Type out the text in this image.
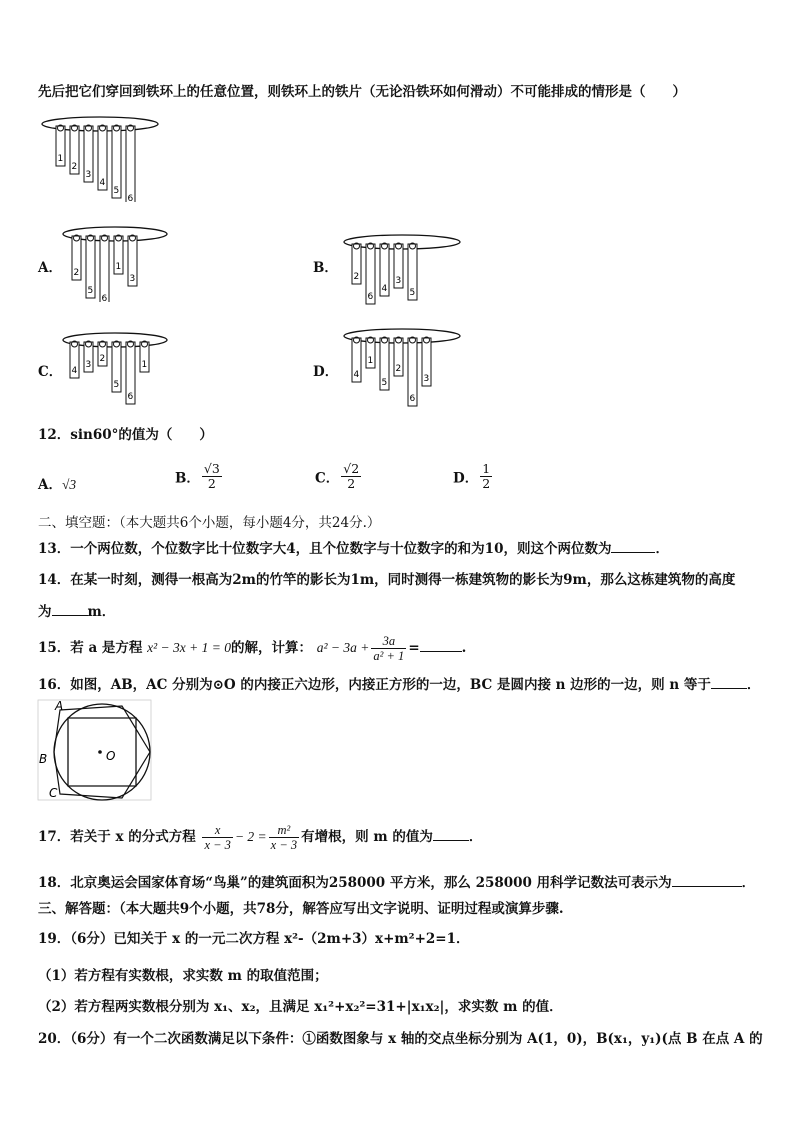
先后把它们穿回到铁环上的任意位置，则铁环上的铁片（无论沿铁环如何滑动）不可能排成的情形是（　　）
1
2
3
4
5
6
A． 2
5
6
1
3
B．
2
6
4
3
5
C． 4
3
2
5
6
1	D． 4
1
5
2
6
3
12．sin60°的值为（　　）
A．√3	B． $\frac{√3}{2}$	C． $\frac{√2}{2}$	D． $\frac{1}{2}$
二、填空题：（本大题共6个小题，每小题4分，共24分.）
13．一个两位数，个位数字比十位数字大4，且个位数字与十位数字的和为10，则这个两位数为	．
14．在某一时刻，测得一根高为2m的竹竿的影长为1m，同时测得一栋建筑物的影长为9m，那么这栋建筑物的高度
为	m．
15．若 a 是方程 x² − 3x + 1 = 0的解，计算： $a^2 - 3a + \frac{3a}{\text{a² + 1}}$ =	.
16．如图，AB，AC 分别为⊙O 的内接正六边形，内接正方形的一边，BC 是圆内接 n 边形的一边，则 n 等于	．
O
A
B
C
17．若关于 x 的分式方程 $\frac{x}{x - 3} - 2 = \frac{\text{m²}}{x - 3}$ 有增根，则 m 的值为	．
18．北京奥运会国家体育场“鸟巢”的建筑面积为258000 平方米，那么 258000 用科学记数法可表示为	．
三、解答题：（本大题共9个小题，共78分，解答应写出文字说明、证明过程或演算步骤.
19．（6分）已知关于 x 的一元二次方程 x²-（2m+3）x+m²+2=1．
（1）若方程有实数根，求实数 m 的取值范围；
（2）若方程两实数根分别为 x₁、x₂，且满足 x₁²+x₂²=31+|x₁x₂|，求实数 m 的值．
20．（6分）有一个二次函数满足以下条件：①函数图象与 x 轴的交点坐标分别为 A(1，0)，B(x₁，y₁)(点 B 在点 A 的
